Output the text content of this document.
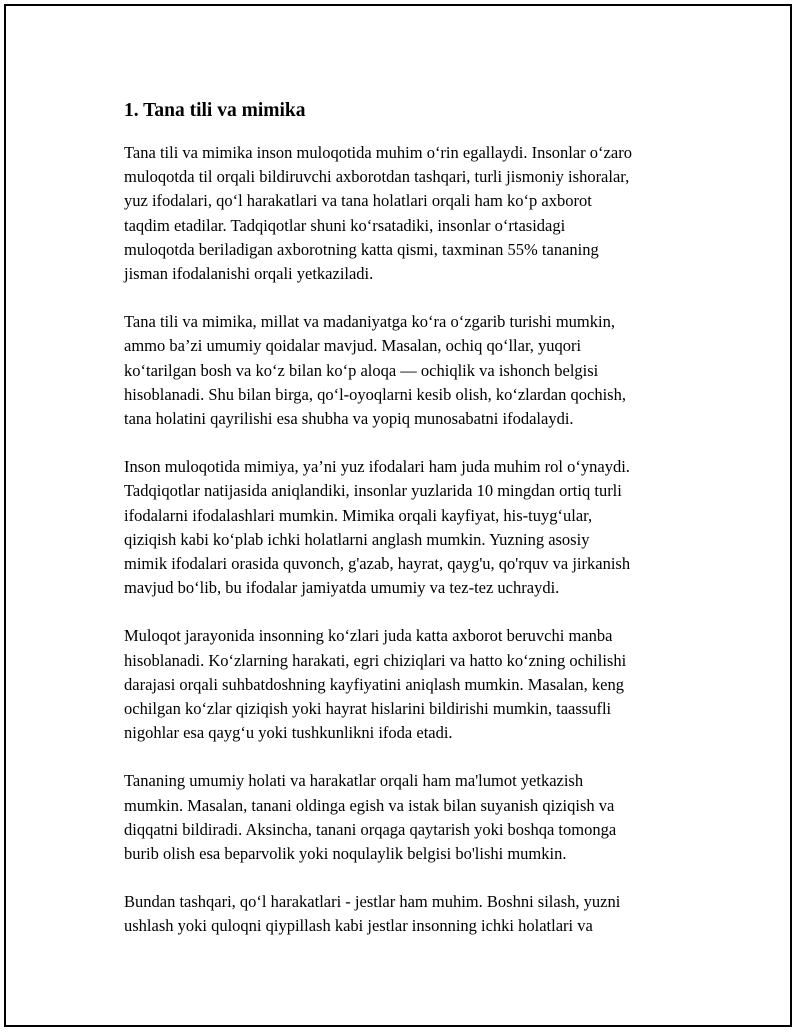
1. Tana tili va mimika

Tana tili va mimika inson muloqotida muhim o‘rin egallaydi. Insonlar o‘zaro
muloqotda til orqali bildiruvchi axborotdan tashqari, turli jismoniy ishoralar,
yuz ifodalari, qo‘l harakatlari va tana holatlari orqali ham ko‘p axborot
taqdim etadilar. Tadqiqotlar shuni ko‘rsatadiki, insonlar o‘rtasidagi
muloqotda beriladigan axborotning katta qismi, taxminan 55% tananing
jisman ifodalanishi orqali yetkaziladi.

Tana tili va mimika, millat va madaniyatga ko‘ra o‘zgarib turishi mumkin,
ammo ba’zi umumiy qoidalar mavjud. Masalan, ochiq qo‘llar, yuqori
ko‘tarilgan bosh va ko‘z bilan ko‘p aloqa — ochiqlik va ishonch belgisi
hisoblanadi. Shu bilan birga, qo‘l-oyoqlarni kesib olish, ko‘zlardan qochish,
tana holatini qayrilishi esa shubha va yopiq munosabatni ifodalaydi.

Inson muloqotida mimiya, ya’ni yuz ifodalari ham juda muhim rol o‘ynaydi.
Tadqiqotlar natijasida aniqlandiki, insonlar yuzlarida 10 mingdan ortiq turli
ifodalarni ifodalashlari mumkin. Mimika orqali kayfiyat, his-tuyg‘ular,
qiziqish kabi ko‘plab ichki holatlarni anglash mumkin. Yuzning asosiy
mimik ifodalari orasida quvonch, g'azab, hayrat, qayg'u, qo'rquv va jirkanish
mavjud bo‘lib, bu ifodalar jamiyatda umumiy va tez-tez uchraydi.

Muloqot jarayonida insonning ko‘zlari juda katta axborot beruvchi manba
hisoblanadi. Ko‘zlarning harakati, egri chiziqlari va hatto ko‘zning ochilishi
darajasi orqali suhbatdoshning kayfiyatini aniqlash mumkin. Masalan, keng
ochilgan ko‘zlar qiziqish yoki hayrat hislarini bildirishi mumkin, taassufli
nigohlar esa qayg‘u yoki tushkunlikni ifoda etadi.

Tananing umumiy holati va harakatlar orqali ham ma'lumot yetkazish
mumkin. Masalan, tanani oldinga egish va istak bilan suyanish qiziqish va
diqqatni bildiradi. Aksincha, tanani orqaga qaytarish yoki boshqa tomonga
burib olish esa beparvolik yoki noqulaylik belgisi bo'lishi mumkin.

Bundan tashqari, qo‘l harakatlari - jestlar ham muhim. Boshni silash, yuzni
ushlash yoki quloqni qiypillash kabi jestlar insonning ichki holatlari va
